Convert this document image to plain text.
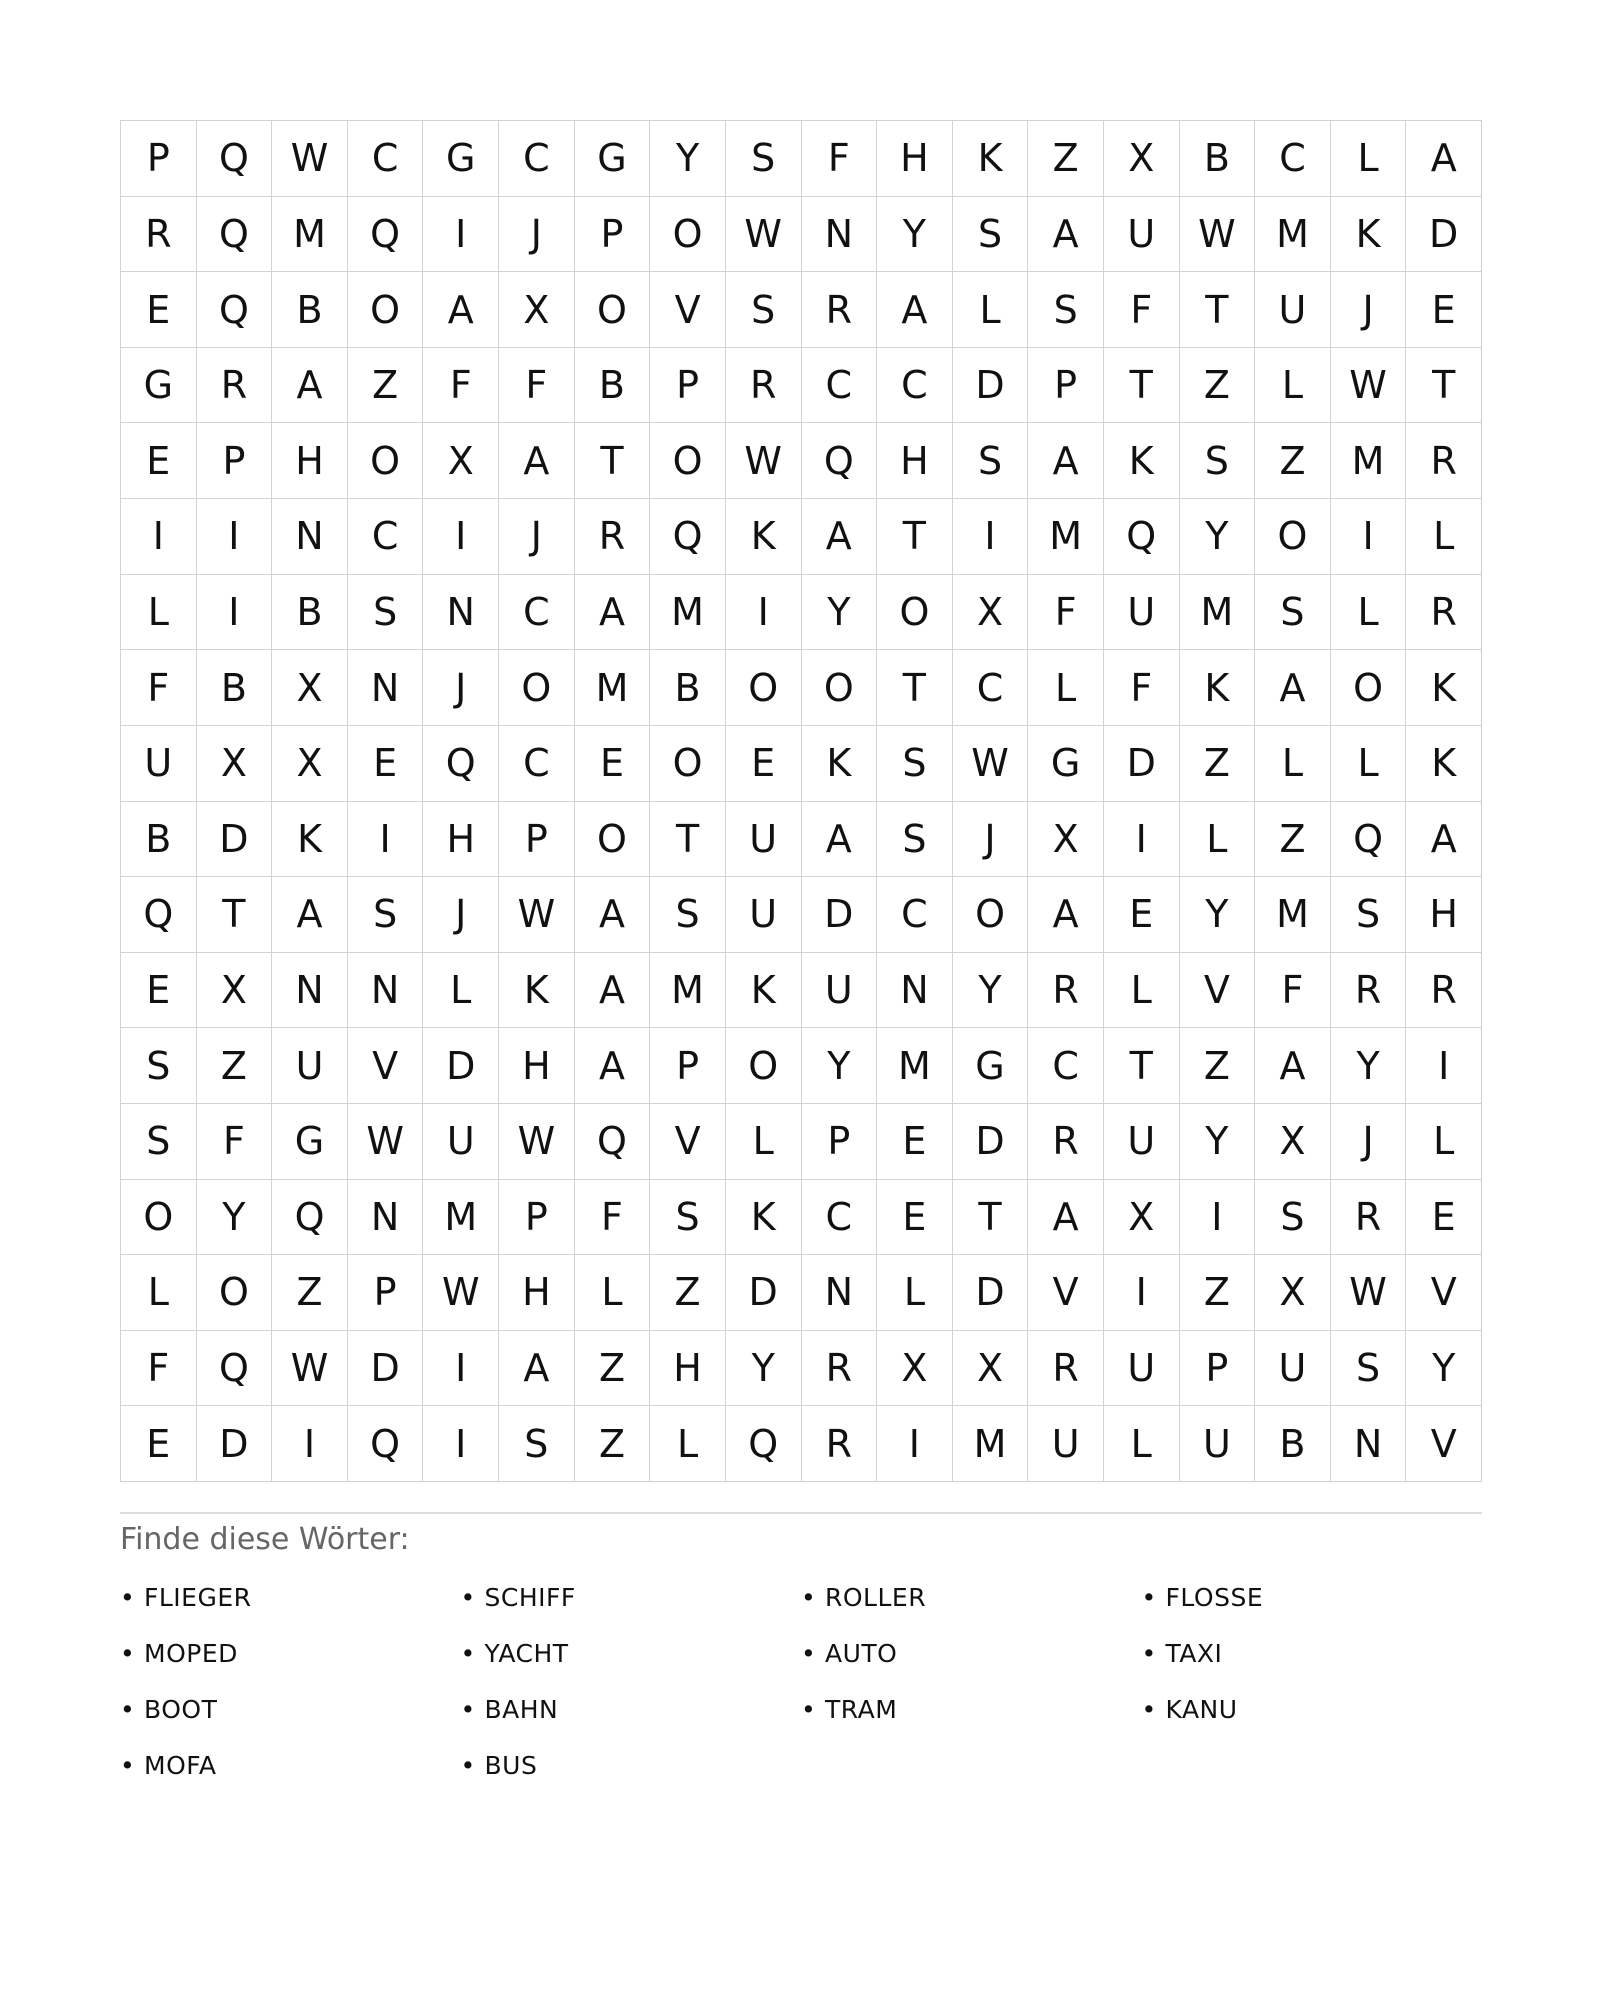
P	Q	W	C	G	C	G	Y	S	F	H	K	Z	X	B	C	L	A
R	Q	M	Q	I	J	P	O	W	N	Y	S	A	U	W	M	K	D
E	Q	B	O	A	X	O	V	S	R	A	L	S	F	T	U	J	E
G	R	A	Z	F	F	B	P	R	C	C	D	P	T	Z	L	W	T
E	P	H	O	X	A	T	O	W	Q	H	S	A	K	S	Z	M	R
I	I	N	C	I	J	R	Q	K	A	T	I	M	Q	Y	O	I	L
L	I	B	S	N	C	A	M	I	Y	O	X	F	U	M	S	L	R
F	B	X	N	J	O	M	B	O	O	T	C	L	F	K	A	O	K
U	X	X	E	Q	C	E	O	E	K	S	W	G	D	Z	L	L	K
B	D	K	I	H	P	O	T	U	A	S	J	X	I	L	Z	Q	A
Q	T	A	S	J	W	A	S	U	D	C	O	A	E	Y	M	S	H
E	X	N	N	L	K	A	M	K	U	N	Y	R	L	V	F	R	R
S	Z	U	V	D	H	A	P	O	Y	M	G	C	T	Z	A	Y	I
S	F	G	W	U	W	Q	V	L	P	E	D	R	U	Y	X	J	L
O	Y	Q	N	M	P	F	S	K	C	E	T	A	X	I	S	R	E
L	O	Z	P	W	H	L	Z	D	N	L	D	V	I	Z	X	W	V
F	Q	W	D	I	A	Z	H	Y	R	X	X	R	U	P	U	S	Y
E	D	I	Q	I	S	Z	L	Q	R	I	M	U	L	U	B	N	V
Finde diese Wörter:
• FLIEGER	• SCHIFF	• ROLLER	• FLOSSE
• MOPED	• YACHT	• AUTO	• TAXI
• BOOT	• BAHN	• TRAM	• KANU
• MOFA	• BUS
